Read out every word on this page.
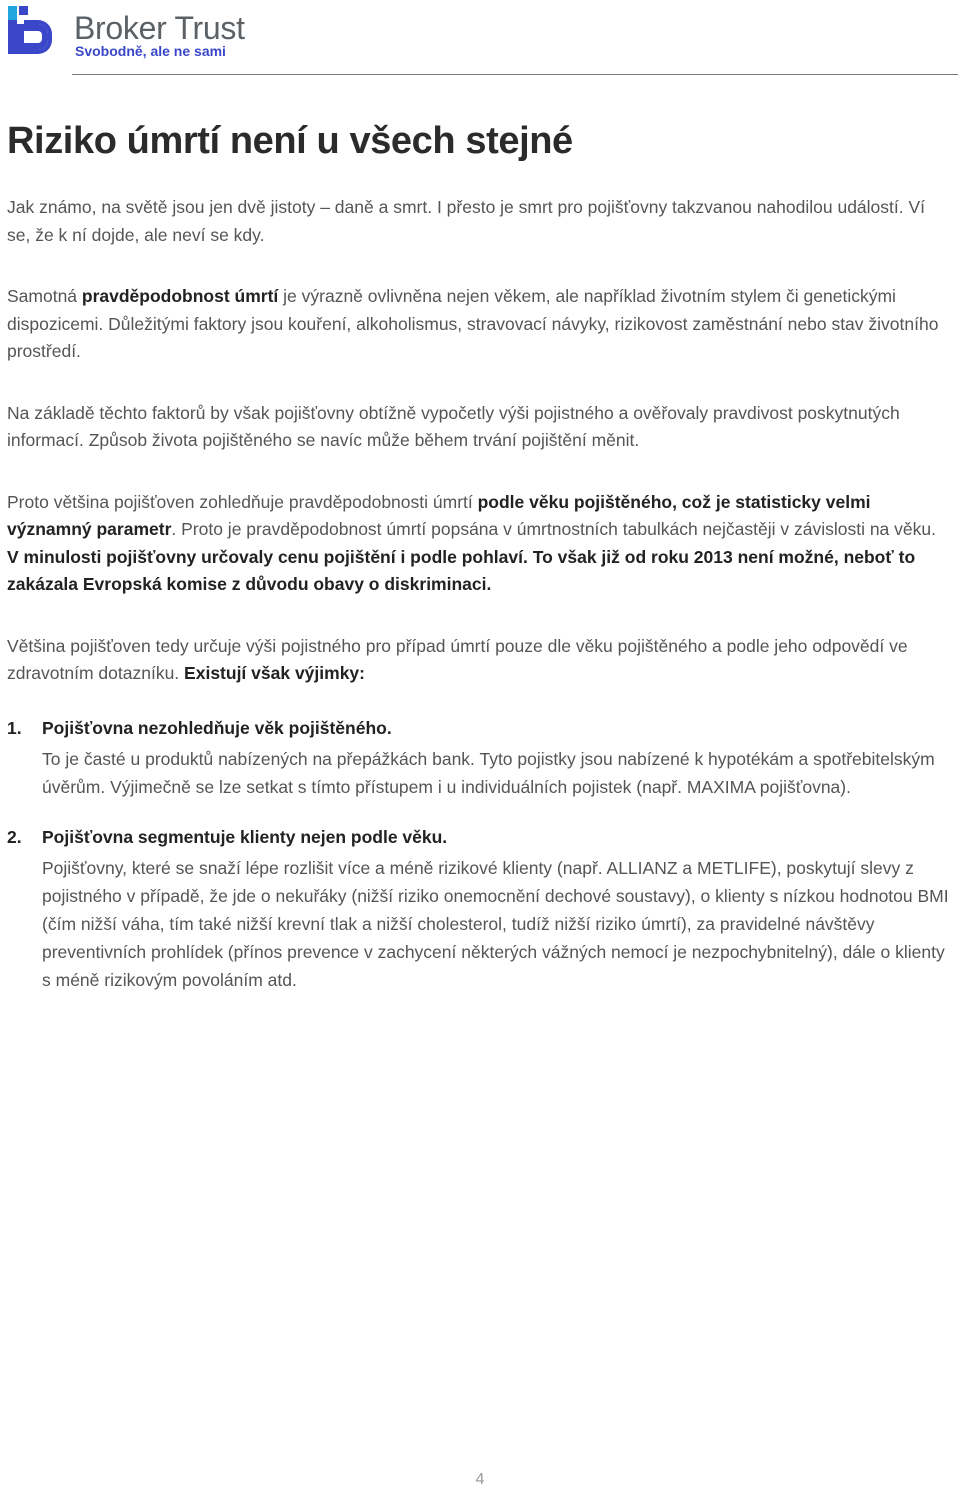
Broker Trust
Svobodně, ale ne sami
Riziko úmrtí není u všech stejné

Jak známo, na světě jsou jen dvě jistoty – daně a smrt. I přesto je smrt pro pojišťovny takzvanou nahodilou událostí. Ví se, že k ní dojde, ale neví se kdy.

Samotná pravděpodobnost úmrtí je výrazně ovlivněna nejen věkem, ale například životním stylem či genetickými dispozicemi. Důležitými faktory jsou kouření, alkoholismus, stravovací návyky, rizikovost zaměstnání nebo stav životního prostředí.

Na základě těchto faktorů by však pojišťovny obtížně vypočetly výši pojistného a ověřovaly pravdivost poskytnutých informací. Způsob života pojištěného se navíc může během trvání pojištění měnit.

Proto většina pojišťoven zohledňuje pravděpodobnosti úmrtí podle věku pojištěného, což je statisticky velmi významný parametr. Proto je pravděpodobnost úmrtí popsána v úmrtnostních tabulkách nejčastěji v závislosti na věku. V minulosti pojišťovny určovaly cenu pojištění i podle pohlaví. To však již od roku 2013 není možné, neboť to zakázala Evropská komise z důvodu obavy o diskriminaci.

Většina pojišťoven tedy určuje výši pojistného pro případ úmrtí pouze dle věku pojištěného a podle jeho odpovědí ve zdravotním dotazníku. Existují však výjimky:

1. Pojišťovna nezohledňuje věk pojištěného.

To je časté u produktů nabízených na přepážkách bank. Tyto pojistky jsou nabízené k hypotékám a spotřebitelským úvěrům. Výjimečně se lze setkat s tímto přístupem i u individuálních pojistek (např. MAXIMA pojišťovna).

2. Pojišťovna segmentuje klienty nejen podle věku.

Pojišťovny, které se snaží lépe rozlišit více a méně rizikové klienty (např. ALLIANZ a METLIFE), poskytují slevy z pojistného v případě, že jde o nekuřáky (nižší riziko onemocnění dechové soustavy), o klienty s nízkou hodnotou BMI (čím nižší váha, tím také nižší krevní tlak a nižší cholesterol, tudíž nižší riziko úmrtí), za pravidelné návštěvy preventivních prohlídek (přínos prevence v zachycení některých vážných nemocí je nezpochybnitelný), dále o klienty s méně rizikovým povoláním atd.

4
